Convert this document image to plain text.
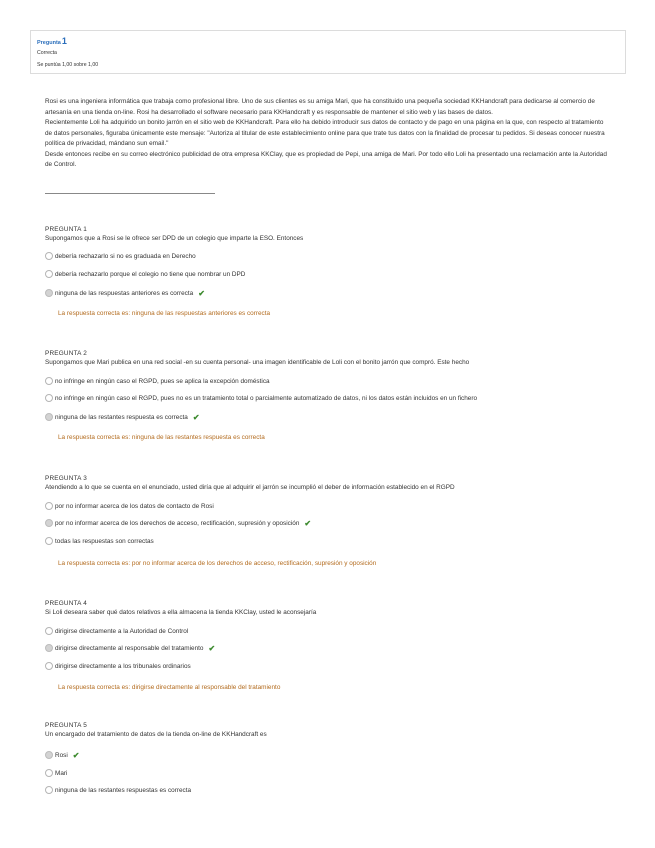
Pregunta1
Correcta
Se puntúa 1,00 sobre 1,00

Rosi es una ingeniera informática que trabaja como profesional libre. Uno de sus clientes es su amiga Mari, que ha constituido una pequeña sociedad KKHandcraft para dedicarse al comercio de artesanía en una tienda on-line. Rosi ha desarrollado el software necesario para KKHandcraft y es responsable de mantener el sitio web y las bases de datos.

Recientemente Loli ha adquirido un bonito jarrón en el sitio web de KKHandcraft. Para ello ha debido introducir sus datos de contacto y de pago en una página en la que, con respecto al tratamiento de datos personales, figuraba únicamente este mensaje: "Autoriza al titular de este establecimiento online para que trate tus datos con la finalidad de procesar tu pedidos. Si deseas conocer nuestra política de privacidad, mándano sun email."

Desde entonces recibe en su correo electrónico publicidad de otra empresa KKClay, que es propiedad de Pepi, una amiga de Mari. Por todo ello Loli ha presentado una reclamación ante la Autoridad de Control.

PREGUNTA 1
Supongamos que a Rosi se le ofrece ser DPD de un colegio que imparte la ESO. Entonces
debería rechazarlo si no es graduada en Derecho
debería rechazarlo porque el colegio no tiene que nombrar un DPD
ninguna de las respuestas anteriores es correcta ✔
La respuesta correcta es: ninguna de las respuestas anteriores es correcta
PREGUNTA 2
Supongamos que Mari publica en una red social -en su cuenta personal- una imagen identificable de Loli con el bonito jarrón que compró. Este hecho
no infringe en ningún caso el RGPD, pues se aplica la excepción doméstica
no infringe en ningún caso el RGPD, pues no es un tratamiento total o parcialmente automatizado de datos, ni los datos están incluidos en un fichero
ninguna de las restantes respuesta es correcta ✔
La respuesta correcta es: ninguna de las restantes respuesta es correcta
PREGUNTA 3
Atendiendo a lo que se cuenta en el enunciado, usted diría que al adquirir el jarrón se incumplió el deber de información establecido en el RGPD
por no informar acerca de los datos de contacto de Rosi
por no informar acerca de los derechos de acceso, rectificación, supresión y oposición ✔
todas las respuestas son correctas
La respuesta correcta es: por no informar acerca de los derechos de acceso, rectificación, supresión y oposición
PREGUNTA 4
Si Loli deseara saber qué datos relativos a ella almacena la tienda KKClay, usted le aconsejaría
dirigirse directamente a la Autoridad de Control
dirigirse directamente al responsable del tratamiento ✔
dirigirse directamente a los tribunales ordinarios
La respuesta correcta es: dirigirse directamente al responsable del tratamiento
PREGUNTA 5
Un encargado del tratamiento de datos de la tienda on-line de KKHandcraft es
Rosi ✔
Mari
ninguna de las restantes respuestas es correcta
